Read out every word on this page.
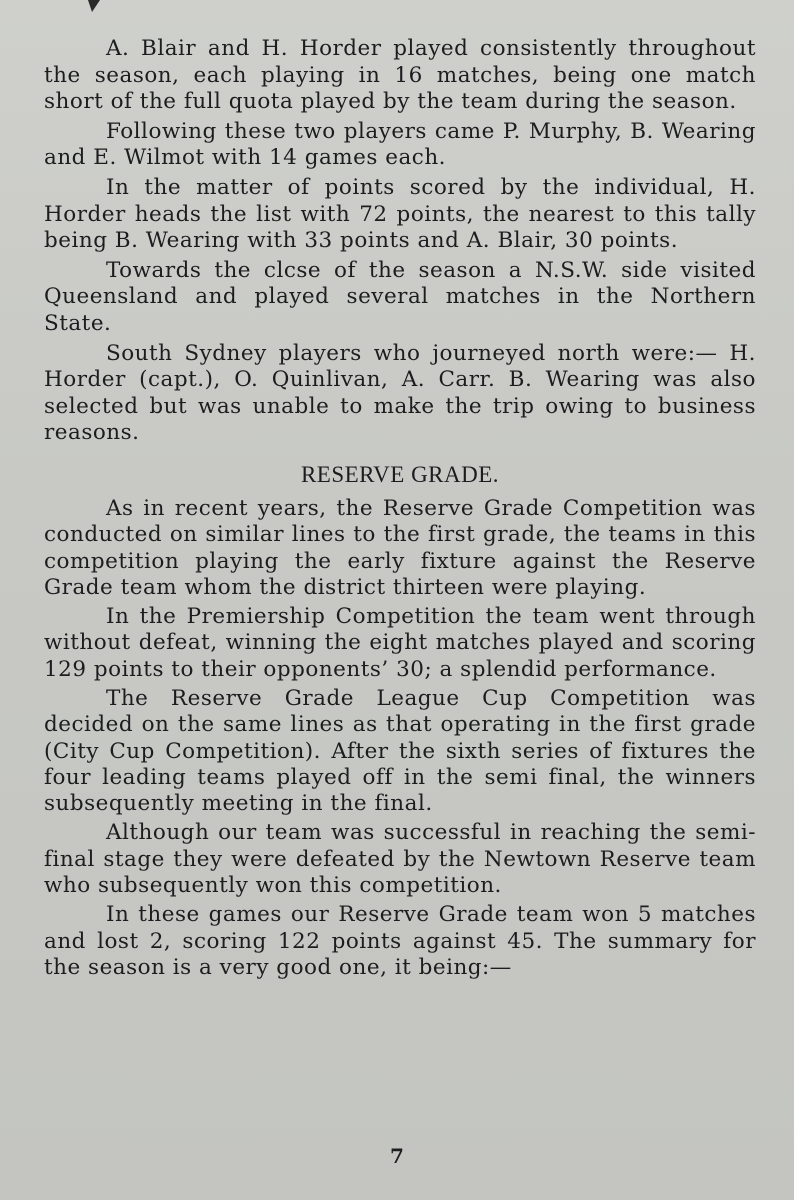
A. Blair and H. Horder played consistently throughout the season, each playing in 16 matches, being one match short of the full quota played by the team during the season.

Following these two players came P. Murphy, B. Wearing and E. Wilmot with 14 games each.

In the matter of points scored by the individual, H. Horder heads the list with 72 points, the nearest to this tally being B. Wearing with 33 points and A. Blair, 30 points.

Towards the clcse of the season a N.S.W. side visited Queensland and played several matches in the Northern State.

South Sydney players who journeyed north were:— H. Horder (capt.), O. Quinlivan, A. Carr. B. Wearing was also selected but was unable to make the trip owing to business reasons.

RESERVE GRADE.

As in recent years, the Reserve Grade Competition was conducted on similar lines to the first grade, the teams in this competition playing the early fixture against the Reserve Grade team whom the district thirteen were playing.

In the Premiership Competition the team went through without defeat, winning the eight matches played and scoring 129 points to their opponents’ 30; a splendid performance.

The Reserve Grade League Cup Competition was decided on the same lines as that operating in the first grade (City Cup Competition). After the sixth series of fixtures the four leading teams played off in the semi final, the winners subsequently meeting in the final.

Although our team was successful in reaching the semi-final stage they were defeated by the Newtown Reserve team who subsequently won this competition.

In these games our Reserve Grade team won 5 matches and lost 2, scoring 122 points against 45. The summary for the season is a very good one, it being:—

7
